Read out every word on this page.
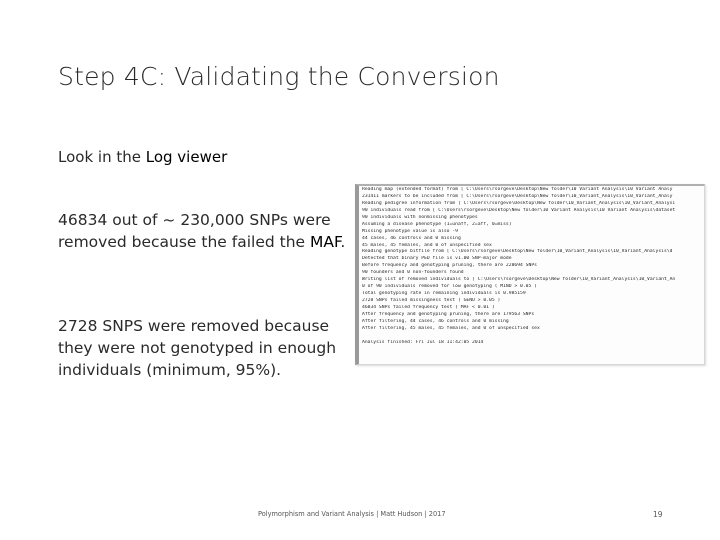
Step 4C: Validating the Conversion
Look in the Log viewer
46834 out of ~ 230,000 SNPs were removed because the failed the MAF.
2728 SNPS were removed because they were not genotyped in enough individuals (minimum, 95%).
Reading map (extended format) from [ C:\Users\rsorgeve\Desktop\New folder\10 Variant Analysis\10 Variant Analy
231411 markers to be included from [ C:\Users\rsorgeve\Desktop\New folder\10_Variant_Analysis\10_Variant_Analy
Reading pedigree information from [ C:\Users\rsorgeve\Desktop\New folder\10_Variant_Analysis\10_Variant_Analysi
90 individuals read from [ C:\Users\rsorgeve\Desktop\New folder\10 Variant Analysis\10 Variant Analysis\dataset
90 individuals with nonmissing phenotypes
Assuming a disease phenotype (1=unaff, 2=aff, 0=miss)
Missing phenotype value is also -9
44 cases, 46 controls and 0 missing
45 males, 45 females, and 0 of unspecified sex
Reading genotype bitfile from [ C:\Users\rsorgeve\Desktop\New folder\10_Variant_Analysis\10_Variant_Analysis\d
Detected that binary PED file is v1.00 SNP-major mode
Before frequency and genotyping pruning, there are 228694 SNPs
90 founders and 0 non-founders found
Writing list of removed individuals to [ C:\Users\rsorgeve\Desktop\New folder\10_Variant_Analysis\10_Variant_An
0 of 90 individuals removed for low genotyping ( MIND > 0.05 )
Total genotyping rate in remaining individuals is 0.985159
2728 SNPs failed missingness test ( GENO > 0.05 )
46834 SNPs failed frequency test ( MAF < 0.01 )
After frequency and genotyping pruning, there are 179563 SNPs
After filtering, 44 cases, 46 controls and 0 missing
After filtering, 45 males, 45 females, and 0 of unspecified sex
Analysis finished: Fri Jul 18 11:42:05 2014
Polymorphism and Variant Analysis | Matt Hudson | 2017	19
